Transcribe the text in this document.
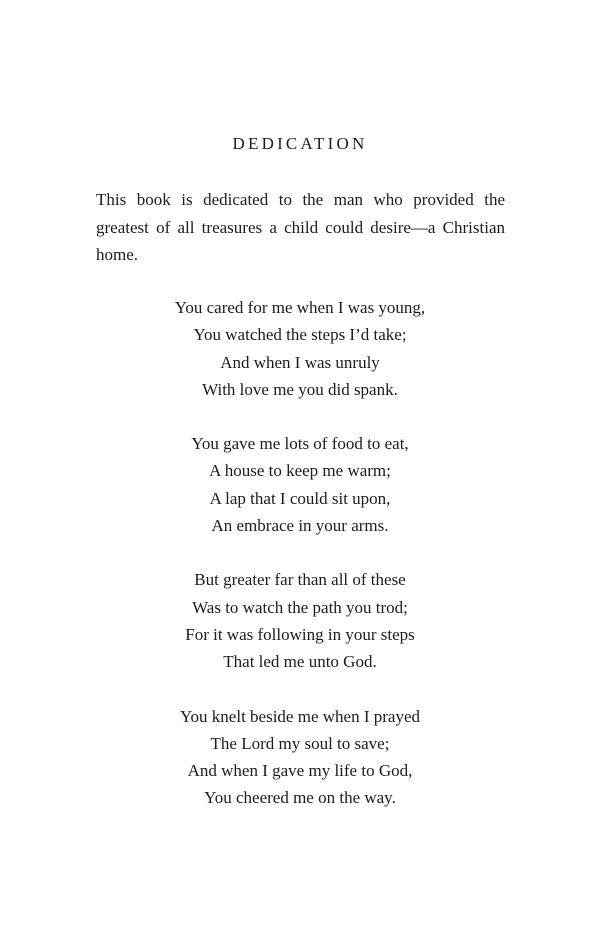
DEDICATION

This book is dedicated to the man who provided the greatest of all treasures a child could desire—a Christian home.

You cared for me when I was young,
You watched the steps I’d take;
And when I was unruly
With love me you did spank.
You gave me lots of food to eat,
A house to keep me warm;
A lap that I could sit upon,
An embrace in your arms.
But greater far than all of these
Was to watch the path you trod;
For it was following in your steps
That led me unto God.
You knelt beside me when I prayed
The Lord my soul to save;
And when I gave my life to God,
You cheered me on the way.
